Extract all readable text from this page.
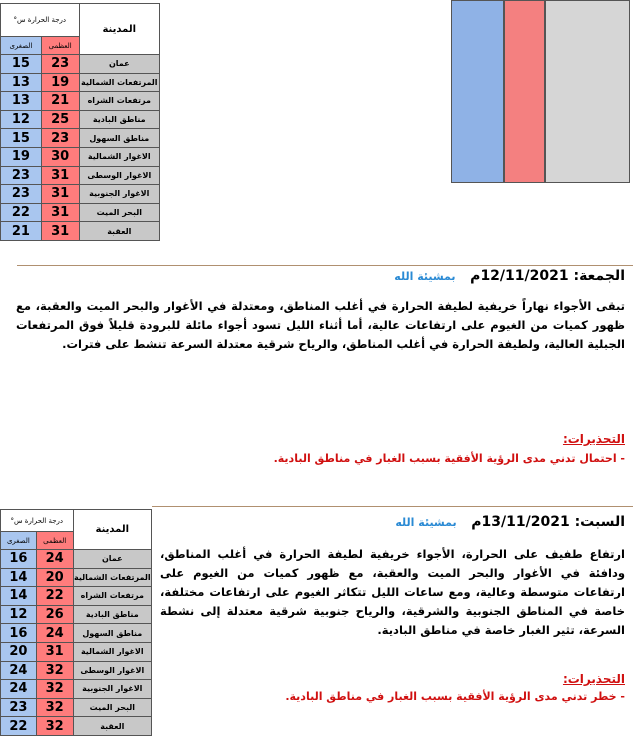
درجة الحرارة س°		المدينة
الصغرى	العظمى	
15	23	عمان
13	19	المرتفعات الشمالية
13	21	مرتفعات الشراه
12	25	مناطق البادية
15	23	مناطق السهول
19	30	الاغوار الشمالية
23	31	الاغوار الوسطى
23	31	الاغوار الجنوبية
22	31	البحر الميت
21	31	العقبة
الجمعة: 12/11/2021م   بمشيئة الله
تبقى الأجواء نهاراً خريفية لطيفة الحرارة في أغلب المناطق، ومعتدلة في الأغوار والبحر الميت والعقبة، مع ظهور كميات من الغيوم على ارتفاعات عالية، أما أثناء الليل تسود أجواء مائلة للبرودة قليلاً فوق المرتفعات الجبلية العالية، ولطيفة الحرارة في أغلب المناطق، والرياح شرقية معتدلة السرعة تنشط على فترات.
التحذيرات:
- احتمال تدني مدى الرؤية الأفقية بسبب الغبار في مناطق البادية.
درجة الحرارة س°		المدينة
الصغرى	العظمى	
16	24	عمان
14	20	المرتفعات الشمالية
14	22	مرتفعات الشراه
12	26	مناطق البادية
16	24	مناطق السهول
20	31	الاغوار الشمالية
24	32	الاغوار الوسطى
24	32	الاغوار الجنوبية
23	32	البحر الميت
22	32	العقبة
السبت: 13/11/2021م   بمشيئة الله
ارتفاع طفيف على الحرارة، الأجواء خريفية لطيفة الحرارة في أغلب المناطق، ودافئة في الأغوار والبحر الميت والعقبة، مع ظهور كميات من الغيوم على ارتفاعات متوسطة وعالية، ومع ساعات الليل تتكاثر الغيوم على ارتفاعات مختلفة، خاصة في المناطق الجنوبية والشرقية، والرياح جنوبية شرقية معتدلة إلى نشطة السرعة، تثير الغبار خاصة في مناطق البادية.
التحذيرات:
- خطر تدني مدى الرؤية الأفقية بسبب الغبار في مناطق البادية.
